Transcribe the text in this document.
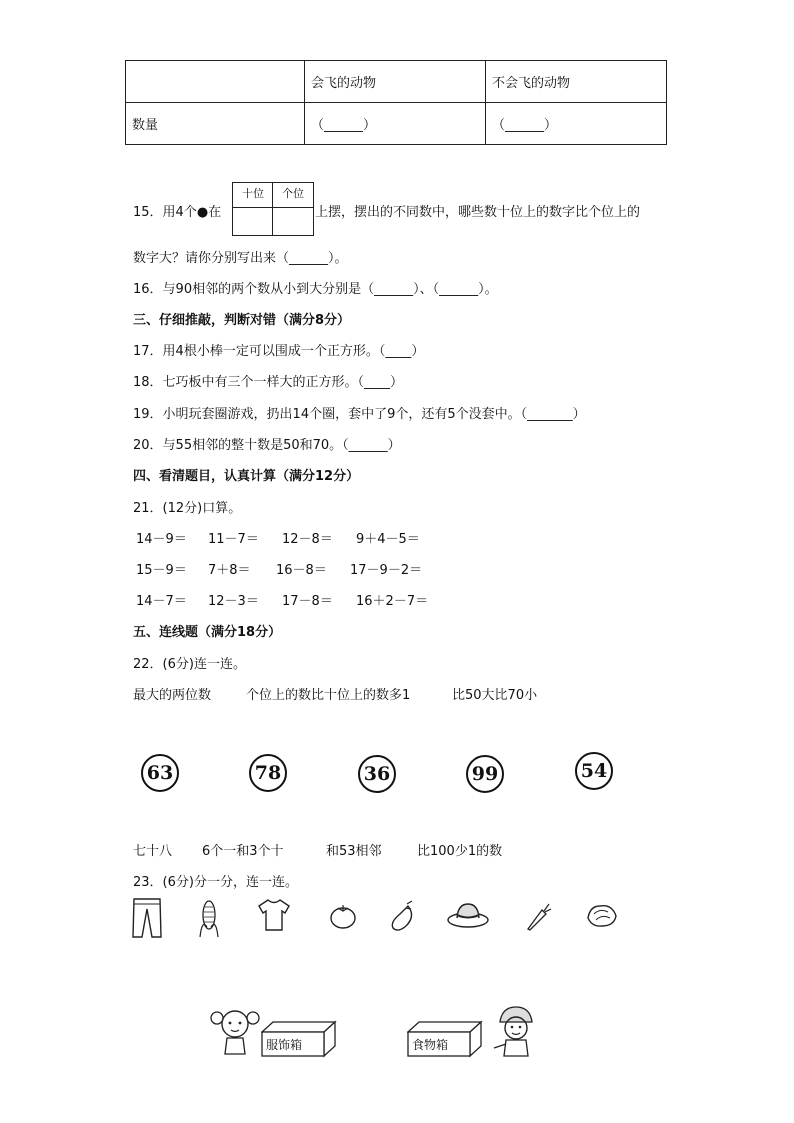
	会飞的动物	不会飞的动物
数量	（______）	（______）
15．用4个●在
十位	个位
上摆，摆出的不同数中，哪些数十位上的数字比个位上的
数字大？请你分别写出来（______）。
16．与90相邻的两个数从小到大分别是（______）、（______）。
三、仔细推敲，判断对错（满分8分）
17．用4根小棒一定可以围成一个正方形。（____）
18．七巧板中有三个一样大的正方形。（____）
19．小明玩套圈游戏，扔出14个圈，套中了9个，还有5个没套中。（_______）
20．与55相邻的整十数是50和70。（______）
四、看清题目，认真计算（满分12分）
21．(12分)口算。
14－9＝ 11－7＝ 12－8＝ 9＋4－5＝
15－9＝ 7＋8＝ 16－8＝ 17－9－2＝
14－7＝ 12－3＝ 17－8＝ 16＋2－7＝
五、连线题（满分18分）
22．(6分)连一连。
最大的两位数	个位上的数比十位上的数多1	比50大比70小
63	78	36	99	54
七十八 6个一和3个十	和53相邻	比100少1的数
23．(6分)分一分，连一连。
服饰箱	食物箱
